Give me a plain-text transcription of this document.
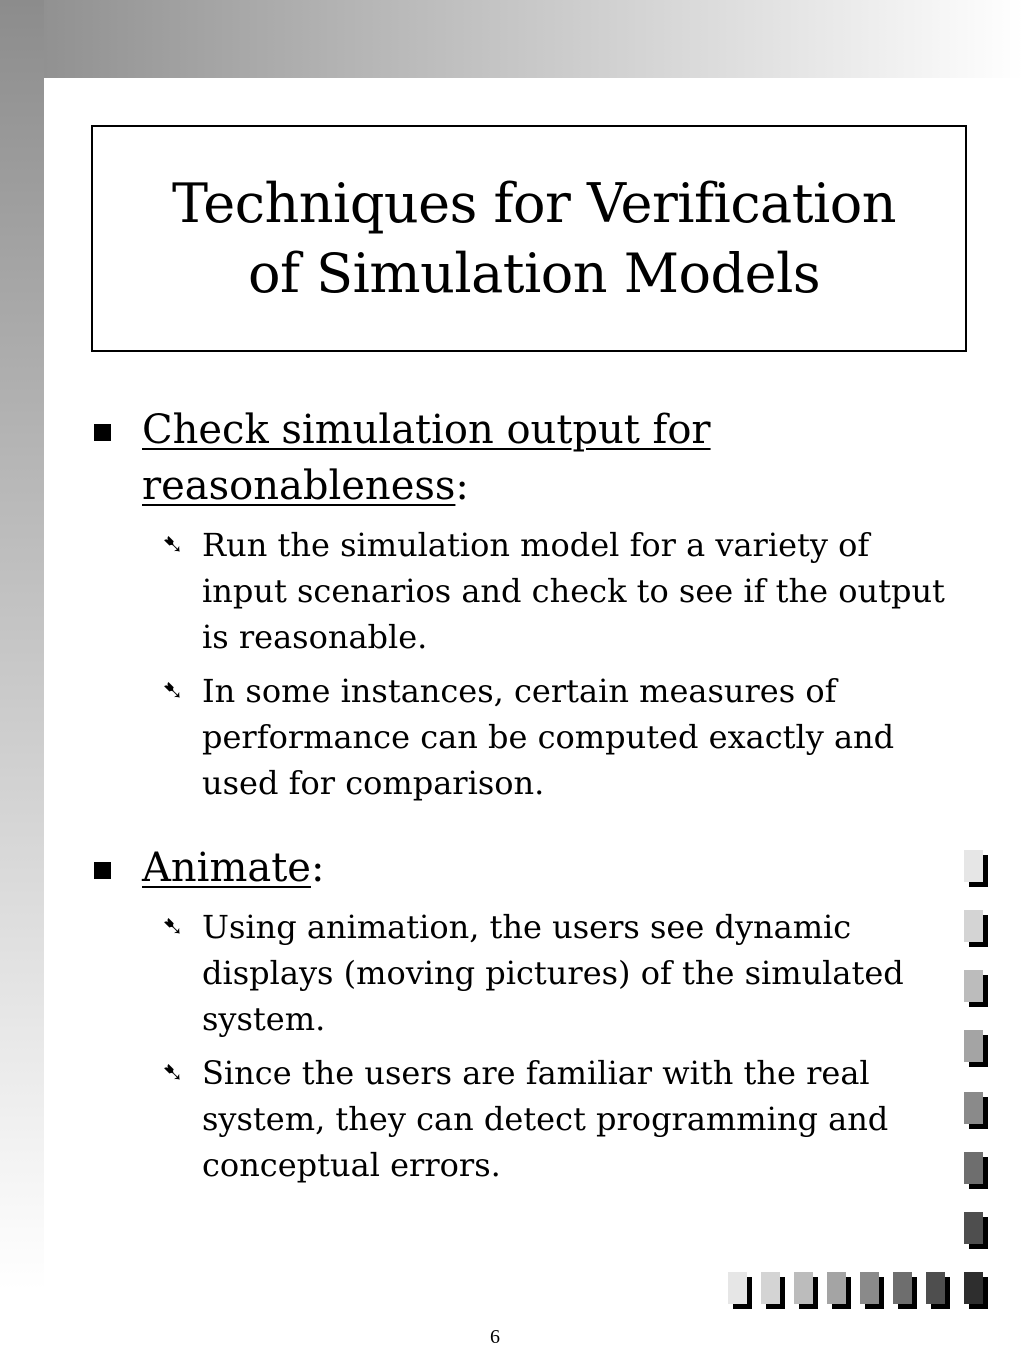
Techniques for Verification
of Simulation Models
Check simulation output for
reasonableness:
➷ Run the simulation model for a variety of input scenarios and check to see if the output is reasonable.
➷ In some instances, certain measures of performance can be computed exactly and used for comparison.
Animate:
➷ Using animation, the users see dynamic displays (moving pictures) of the simulated system.
➷ Since the users are familiar with the real system, they can detect programming and conceptual errors.
6
